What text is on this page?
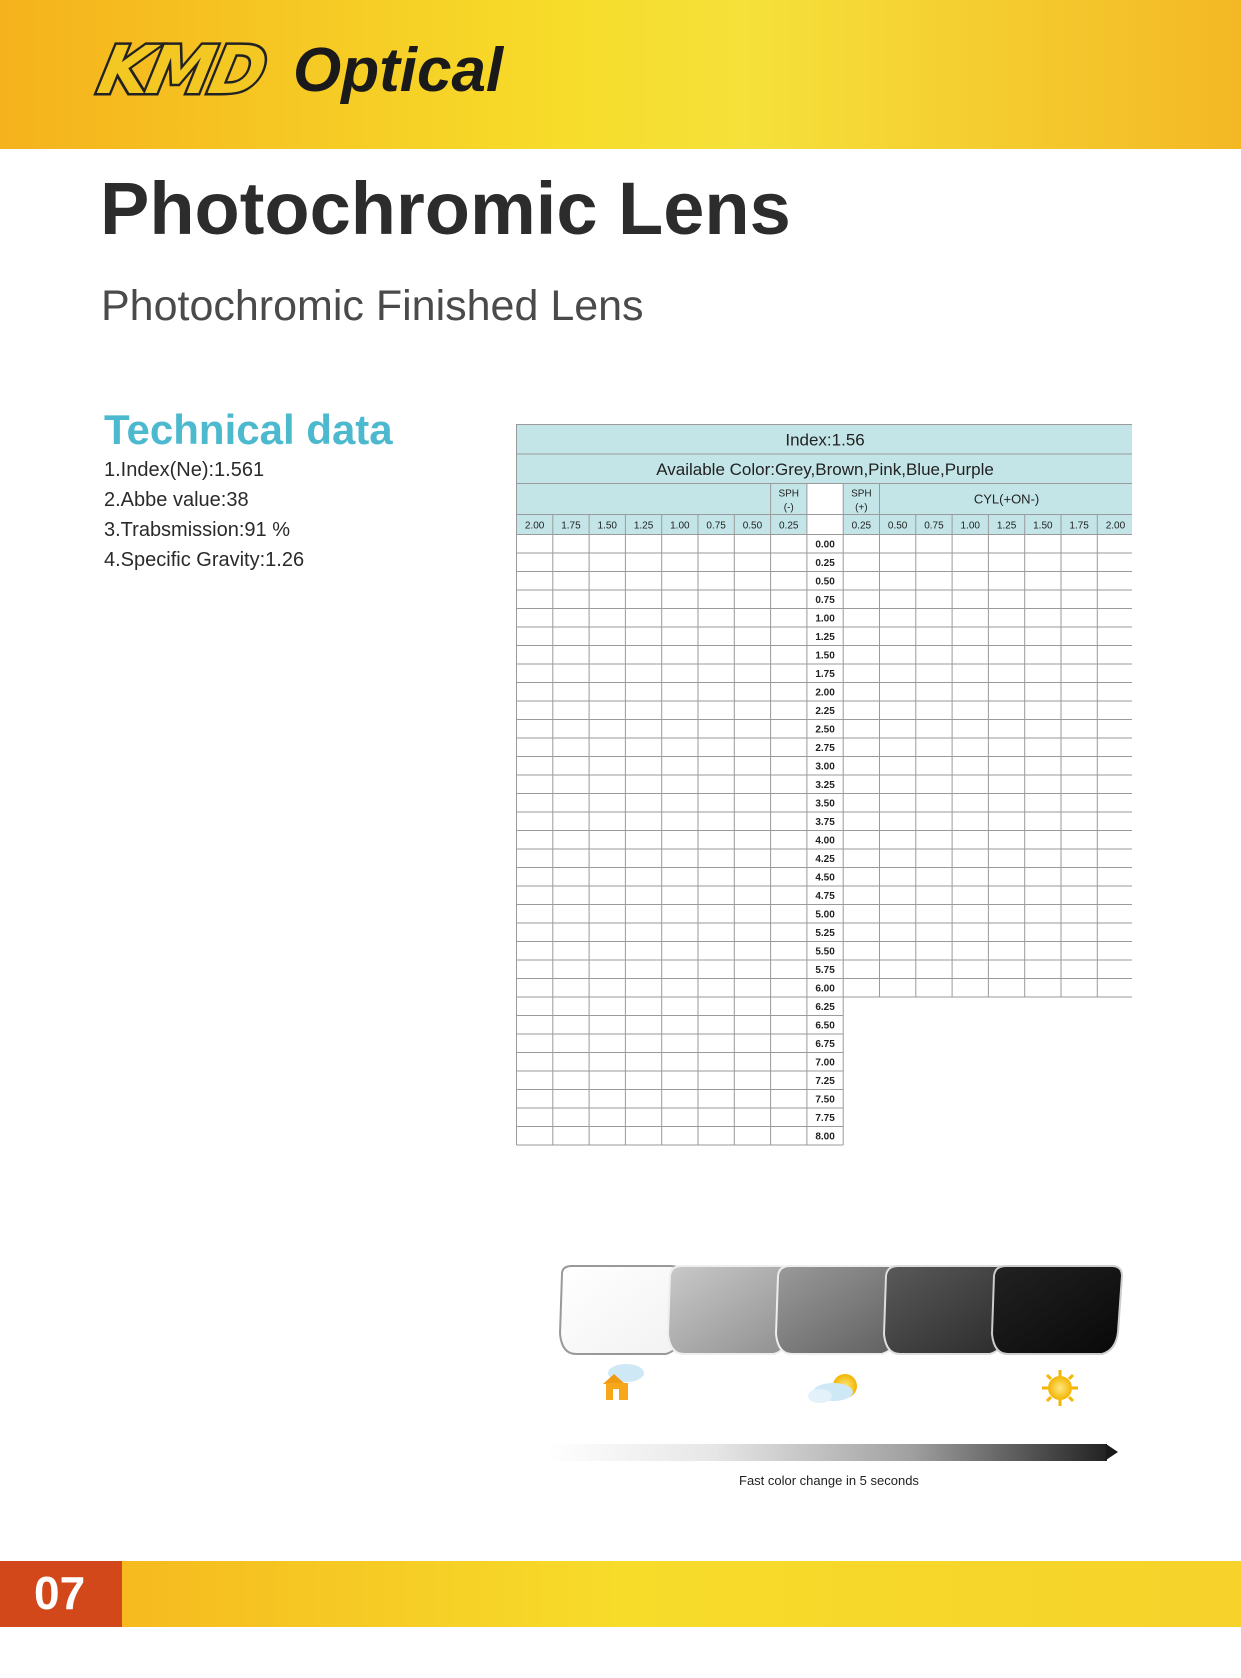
KMD Optical
Photochromic Lens
Photochromic Finished Lens
Technical data
1.Index(Ne):1.561
2.Abbe value:38
3.Trabsmission:91 %
4.Specific Gravity:1.26
Index:1.56
Available Color:Grey,Brown,Pink,Blue,Purple
SPH
(-)
SPH
(+)
CYL(+ON-)
2.00 1.75 1.50 1.25 1.00 0.75 0.50 0.25	0.25 0.50 0.75 1.00 1.25 1.50 1.75 2.00
0.00
0.25
0.50
0.75
1.00
1.25
1.50
1.75
2.00
2.25
2.50
2.75
3.00
3.25
3.50
3.75
4.00
4.25
4.50
4.75
5.00
5.25
5.50
5.75
6.00
6.25
6.50
6.75
7.00
7.25
7.50
7.75
8.00
Fast color change in 5 seconds
07
